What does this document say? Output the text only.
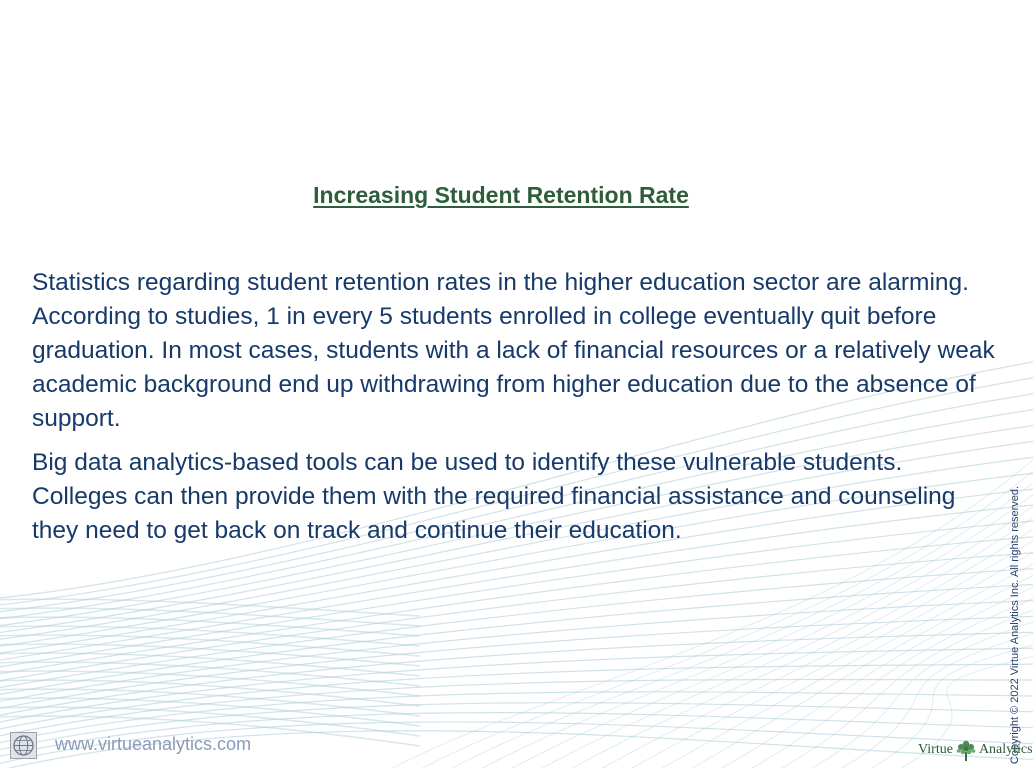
Increasing Student Retention Rate

Statistics regarding student retention rates in the higher education sector are alarming. According to studies, 1 in every 5 students enrolled in college eventually quit before graduation. In most cases, students with a lack of financial resources or a relatively weak academic background end up withdrawing from higher education due to the absence of support.

Big data analytics-based tools can be used to identify these vulnerable students. Colleges can then provide them with the required financial assistance and counseling they need to get back on track and continue their education.	Copyright © 2022 Virtue Analytics Inc. All rights reserved.
www.virtueanalytics.com	Virtue Analytics
